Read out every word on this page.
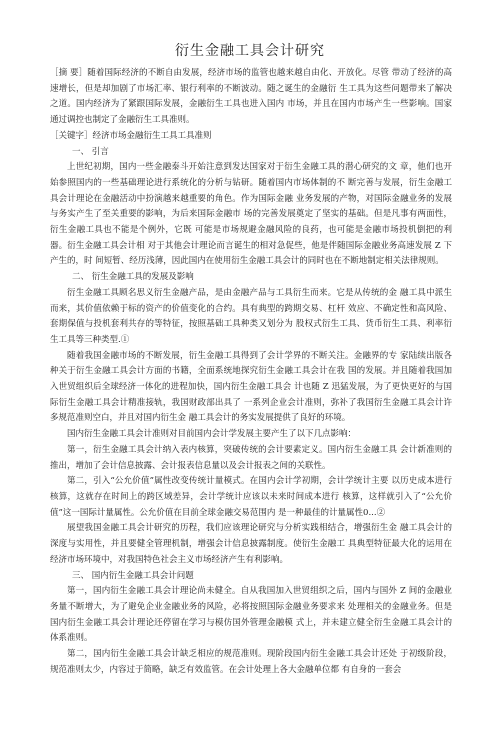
衍生金融工具会计研究

［摘 要］随着国际经济的不断自由发展，经济市场的监管也越来越自由化、开放化。尽管 带动了经济的高速增长，但是却加剧了市场汇率、银行利率的不断波动。随之诞生的金融衍 生工具为这些问题带来了解决之道。国内经济为了紧跟国际发展，金融衍生工具也进入国内 市场，并且在国内市场产生一些影响。国家通过调控也制定了金融衍生工具准则。

［关键字］经济市场金融衍生工具工具准则

一、 引言

上世纪初期，国内一些金融泰斗开始注意到发达国家对于衍生金融工具的潜心研究的文 章，他们也开始参照国内的一些基础理论进行系统化的分析与钻研。随着国内市场体制的不 断完善与发展，衍生金融工具会计理论在金融活动中扮演越来越重要的角色。作为国际金融 业务发展的产物，对国际金融业务的发展与务实产生了至关重要的影响，为后来国际金融市 场的完善发展奠定了坚实的基础。但是凡事有两面性，衍生金融工具也不能是个例外，它既 可能是市场规避金融风险的良药，也可能是金融市场投机倒把的利器。衍生金融工具会计相 对于其他会计理论而言诞生的相对急促些，他是伴随国际金融业务高速发展 Z 下产生的，时 间短暂、经历浅薄，因此国内在使用衍生金融工具会计的同时也在不断地制定相关法律规则。

二、 衍生金融工具的发展及影响

衍生金融工具顾名思义衍生金融产品，是由金融产品与工具衍生而来。它是从传统的金 融工具中派生而来，其价值依赖于标的资产的价值变化的合约。具有典型的跨期交易、杠杆 效应、不确定性和高风险、套期保值与投机套利共存的等特征，按照基础工具种类又划分为 股权式衍生工具、货币衍生工具、利率衍生工具等三种类型.①

随着我国金融市场的不断发展，衍生金融工具得到了会计学界的不断关注。金融界的专 家陆续出版各种关于衍生金融工具会计方面的书籍，全面系统地探究衍生金融工具会计在我 国的发展。并且随着我国加入世贸组织后全球经济一体化的进程加快，国内衍生金融工具会 计也随 Z 迅猛发展，为了更快更好的与国际衍生金融工具会计精准接轨，我国财政部出具了 一系列企业会计准则，弥补了我国衍生金融工具会计许多规范准则空白，并且对国内衍生金 融工具会计的务实发展提供了良好的环境。

国内衍生金融工具会计准则对目前国内会计学发展主要产生了以下几点影响：

第一，衍生金融工具会计纳入表内核算，突破传统的会计要素定义。国内衍生金融工具 会计新准则的推出，增加了会计信息披露、会计报表信息量以及会计报表之间的关联性。

第二，引入“公允价值”属性改变传统计量模式。在国内会计学初期，会计学统计主要 以历史成本进行核算，这就存在时间上的跨区域差异，会计学统计应该以未来时间成本进行 核算，这样就引入了“公允价值”这一国际计量属性。公允价值在目前全球金融交易范围内 是一种最佳的计量属性0...②

展望我国金融工具会计研究的历程，我们应该理论研究与分析实践相结合，增强衍生金 融工具会计的深度与实用性，并且要健全管理机制，增强会计信息披露制度。使衍生金融工 具典型特征最大化的运用在经济市场环境中，对我国特色社会主义市场经济产生有利影响。

三、 国内衍生金融工具会计问题

第一，国内衍生金融工具会计理论尚未健全。自从我国加入世贸组织之后，国内与国外 Z 间的金融业务量不断增大，为了避免企业金融业务的风险，必将按照国际金融业务要求来 处理相关的金融业务。但是国内衍生金融工具会计理论还停留在学习与模仿国外管理金融模 式上，并未建立健全衍生金融工具会计的体系准则。

第二，国内衍生金融工具会计缺乏相应的规范准则。现阶段国内衍生金融工具会计还处 于初级阶段，规范准则太少，内容过于简略，缺乏有效监管。在会计处理上各大金融单位都 有自身的一套会
